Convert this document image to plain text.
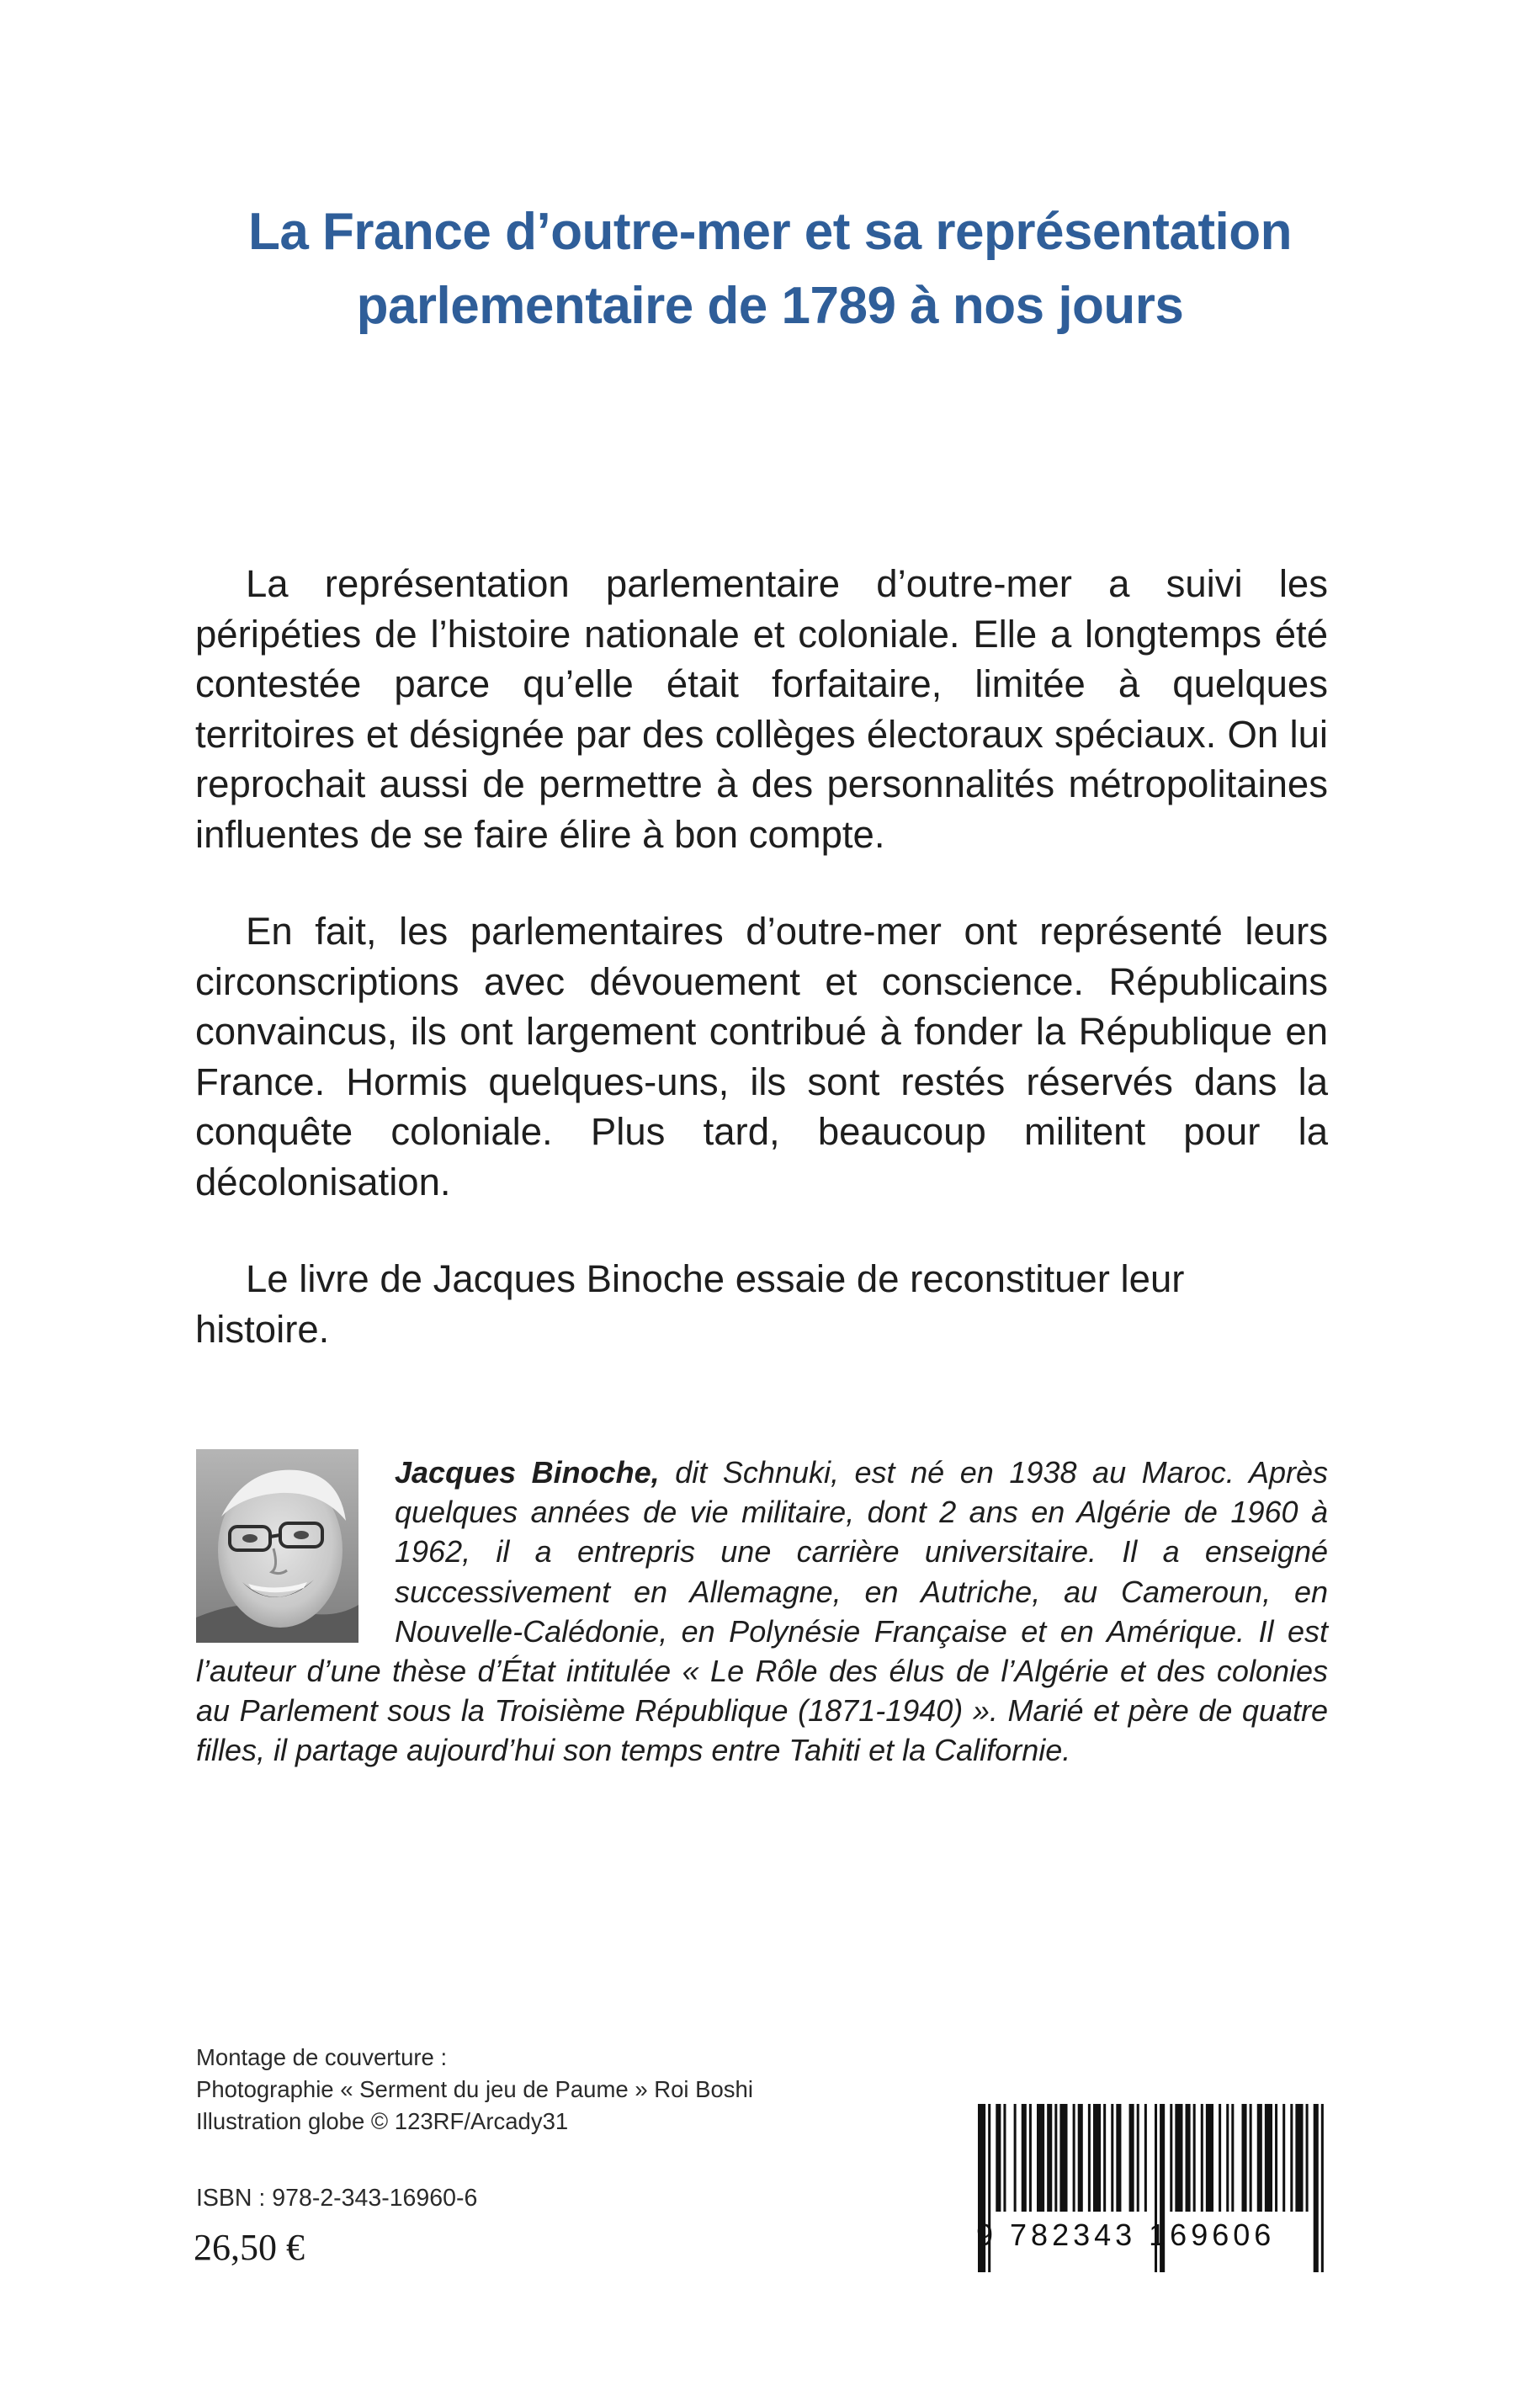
La France d’outre-mer et sa représentation
parlementaire de 1789 à nos jours

La représentation parlementaire d’outre-mer a suivi les péripéties de l’histoire nationale et coloniale. Elle a longtemps été contestée parce qu’elle était forfaitaire, limitée à quelques territoires et désignée par des collèges électoraux spéciaux. On lui reprochait aussi de permettre à des personnalités métropolitaines influentes de se faire élire à bon compte.

En fait, les parlementaires d’outre-mer ont représenté leurs circonscriptions avec dévouement et conscience. Républicains convaincus, ils ont largement contribué à fonder la République en France. Hormis quelques-uns, ils sont restés réservés dans la conquête coloniale. Plus tard, beaucoup militent pour la décolonisation.

Le livre de Jacques Binoche essaie de reconstituer leur histoire.

Jacques Binoche, dit Schnuki, est né en 1938 au Maroc. Après quelques années de vie militaire, dont 2 ans en Algérie de 1960 à 1962, il a entrepris une carrière universitaire. Il a enseigné successivement en Allemagne, en Autriche, au Cameroun, en Nouvelle-Calédonie, en Polynésie Française et en Amérique. Il est l’auteur d’une thèse d’État intitulée « Le Rôle des élus de l’Algérie et des colonies au Parlement sous la Troisième République (1871-1940) ». Marié et père de quatre filles, il partage aujourd’hui son temps entre Tahiti et la Californie.

Montage de couverture :
Photographie « Serment du jeu de Paume » Roi Boshi
Illustration globe © 123RF/Arcady31
ISBN : 978-2-343-16960-6
26,50 €	9 782343 169606
